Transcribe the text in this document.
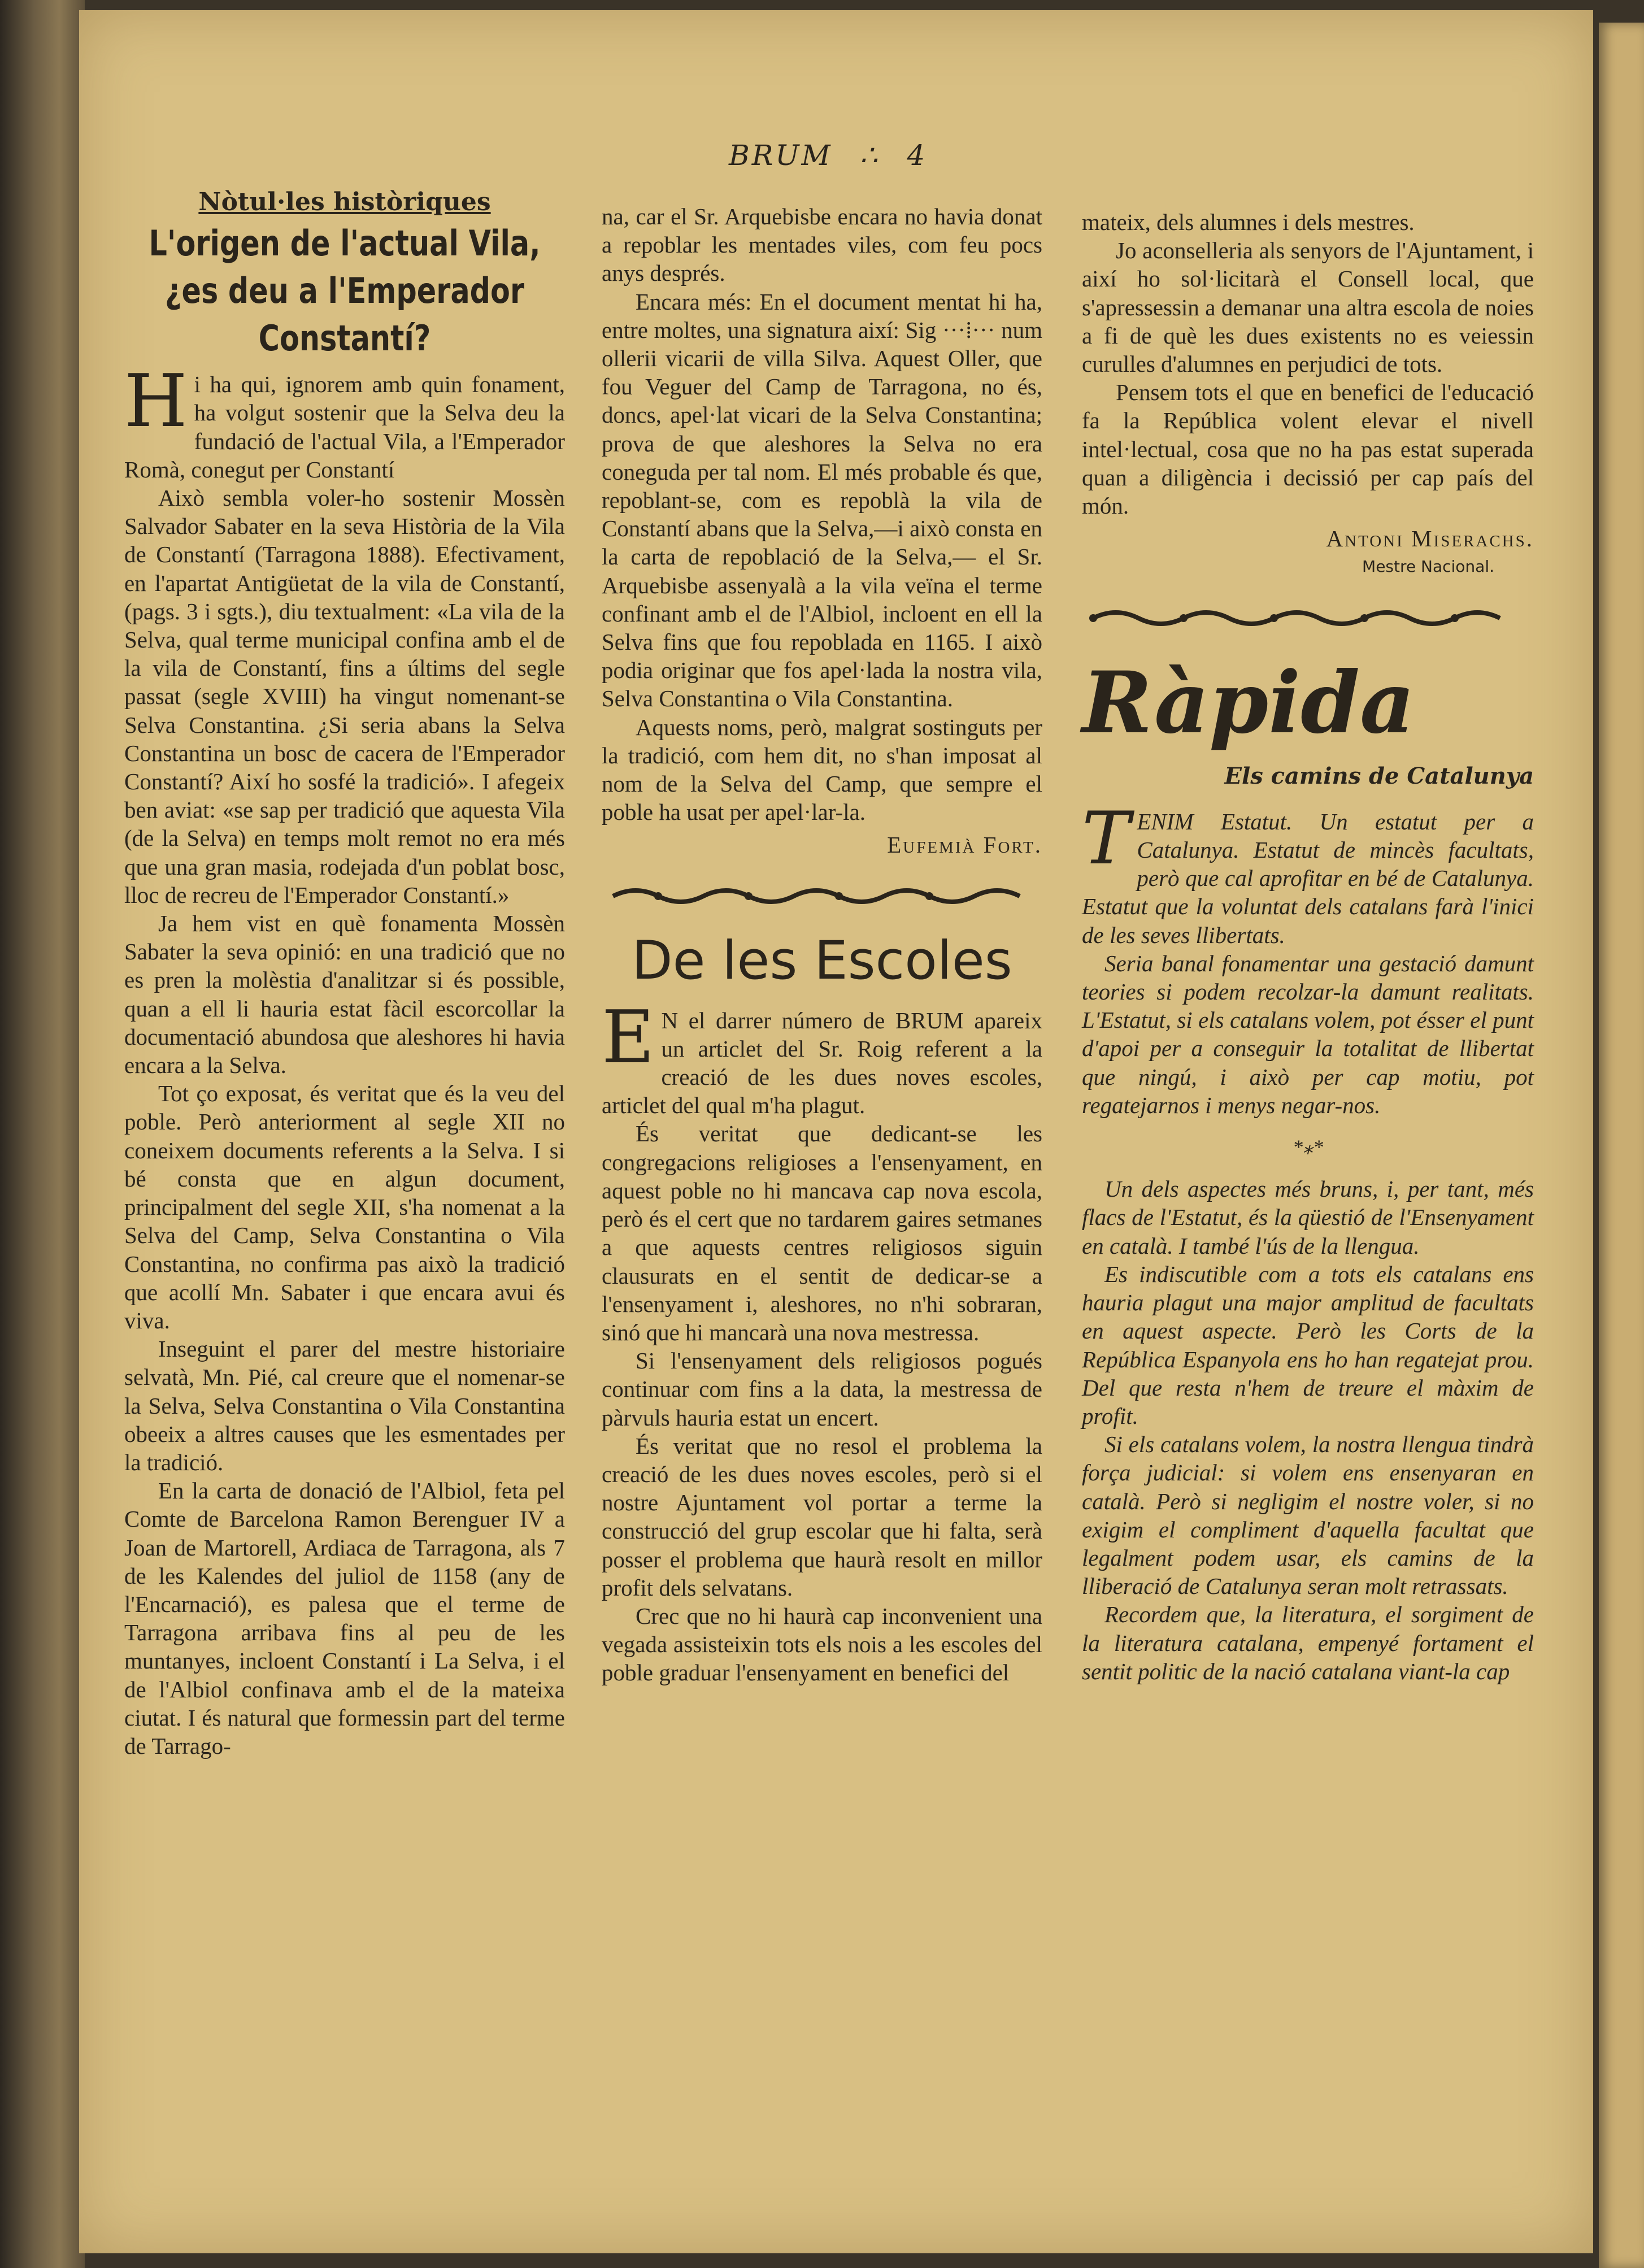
BRUM ∴ 4
Nòtul·les històriques
L'origen de l'actual Vila, ¿es deu a l'Emperador Constantí?

Hi ha qui, ignorem amb quin fonament, ha volgut sostenir que la Selva deu la fundació de l'actual Vila, a l'Emperador Romà, conegut per Constantí

Això sembla voler-ho sostenir Mossèn Salvador Sabater en la seva Història de la Vila de Constantí (Tarragona 1888). Efectivament, en l'apartat Antigüetat de la vila de Constantí, (pags. 3 i sgts.), diu textualment: «La vila de la Selva, qual terme municipal confina amb el de la vila de Constantí, fins a últims del segle passat (segle XVIII) ha vingut nomenant-se Selva Constantina. ¿Si seria abans la Selva Constantina un bosc de cacera de l'Emperador Constantí? Així ho sosfé la tradició». I afegeix ben aviat: «se sap per tradició que aquesta Vila (de la Selva) en temps molt remot no era més que una gran masia, rodejada d'un poblat bosc, lloc de recreu de l'Emperador Constantí.»

Ja hem vist en què fonamenta Mossèn Sabater la seva opinió: en una tradició que no es pren la molèstia d'analitzar si és possible, quan a ell li hauria estat fàcil escorcollar la documentació abundosa que aleshores hi havia encara a la Selva.

Tot ço exposat, és veritat que és la veu del poble. Però anteriorment al segle XII no coneixem documents referents a la Selva. I si bé consta que en algun document, principalment del segle XII, s'ha nomenat a la Selva del Camp, Selva Constantina o Vila Constantina, no confirma pas això la tradició que acollí Mn. Sabater i que encara avui és viva.

Inseguint el parer del mestre historiaire selvatà, Mn. Pié, cal creure que el nomenar-se la Selva, Selva Constantina o Vila Constantina obeeix a altres causes que les esmentades per la tradició.

En la carta de donació de l'Albiol, feta pel Comte de Barcelona Ramon Berenguer IV a Joan de Martorell, Ardiaca de Tarragona, als 7 de les Kalendes del juliol de 1158 (any de l'Encarnació), es palesa que el terme de Tarragona arribava fins al peu de les muntanyes, incloent Constantí i La Selva, i el de l'Albiol confinava amb el de la mateixa ciutat. I és natural que formessin part del terme de Tarrago-

na, car el Sr. Arquebisbe encara no havia donat a repoblar les mentades viles, com feu pocs anys després.

Encara més: En el document mentat hi ha, entre moltes, una signatura així: Sig ···⁞··· num ollerii vicarii de villa Silva. Aquest Oller, que fou Veguer del Camp de Tarragona, no és, doncs, apel·lat vicari de la Selva Constantina; prova de que aleshores la Selva no era coneguda per tal nom. El més probable és que, repoblant-se, com es repoblà la vila de Constantí abans que la Selva,—i això consta en la carta de repoblació de la Selva,— el Sr. Arquebisbe assenyalà a la vila veïna el terme confinant amb el de l'Albiol, incloent en ell la Selva fins que fou repoblada en 1165. I això podia originar que fos apel·lada la nostra vila, Selva Constantina o Vila Constantina.

Aquests noms, però, malgrat sostinguts per la tradició, com hem dit, no s'han imposat al nom de la Selva del Camp, que sempre el poble ha usat per apel·lar-la.

Eufemià Fort.
De les Escoles

E N el darrer número de BRUM apareix un articlet del Sr. Roig referent a la creació de les dues noves escoles, articlet del qual m'ha plagut.

És veritat que dedicant-se les congregacions religioses a l'ensenyament, en aquest poble no hi mancava cap nova escola, però és el cert que no tardarem gaires setmanes a que aquests centres religiosos siguin clausurats en el sentit de dedicar-se a l'ensenyament i, aleshores, no n'hi sobraran, sinó que hi mancarà una nova mestressa.

Si l'ensenyament dels religiosos pogués continuar com fins a la data, la mestressa de pàrvuls hauria estat un encert.

És veritat que no resol el problema la creació de les dues noves escoles, però si el nostre Ajuntament vol portar a terme la construcció del grup escolar que hi falta, serà posser el problema que haurà resolt en millor profit dels selvatans.

Crec que no hi haurà cap inconvenient una vegada assisteixin tots els nois a les escoles del poble graduar l'ensenyament en benefici del

mateix, dels alumnes i dels mestres.

Jo aconselleria als senyors de l'Ajuntament, i així ho sol·licitarà el Consell local, que s'apressessin a demanar una altra escola de noies a fi de què les dues existents no es veiessin curulles d'alumnes en perjudici de tots.

Pensem tots el que en benefici de l'educació fa la República volent elevar el nivell intel·lectual, cosa que no ha pas estat superada quan a diligència i decissió per cap país del món.

Antoni Miserachs.
Mestre Nacional.
Ràpida
Els camins de Catalunya

TENIM Estatut. Un estatut per a Catalunya. Estatut de mincès facultats, però que cal aprofitar en bé de Catalunya. Estatut que la voluntat dels catalans farà l'inici de les seves llibertats.

Seria banal fonamentar una gestació damunt teories si podem recolzar-la damunt realitats. L'Estatut, si els catalans volem, pot ésser el punt d'apoi per a conseguir la totalitat de llibertat que ningú, i això per cap motiu, pot regatejarnos i menys negar-nos.

*⁎*

Un dels aspectes més bruns, i, per tant, més flacs de l'Estatut, és la qüestió de l'Ensenyament en català. I també l'ús de la llengua.

Es indiscutible com a tots els catalans ens hauria plagut una major amplitud de facultats en aquest aspecte. Però les Corts de la República Espanyola ens ho han regatejat prou. Del que resta n'hem de treure el màxim de profit.

Si els catalans volem, la nostra llengua tindrà força judicial: si volem ens ensenyaran en català. Però si negligim el nostre voler, si no exigim el compliment d'aquella facultat que legalment podem usar, els camins de la lliberació de Catalunya seran molt retrassats.

Recordem que, la literatura, el sorgiment de la literatura catalana, empenyé fortament el sentit politic de la nació catalana viant-la cap
